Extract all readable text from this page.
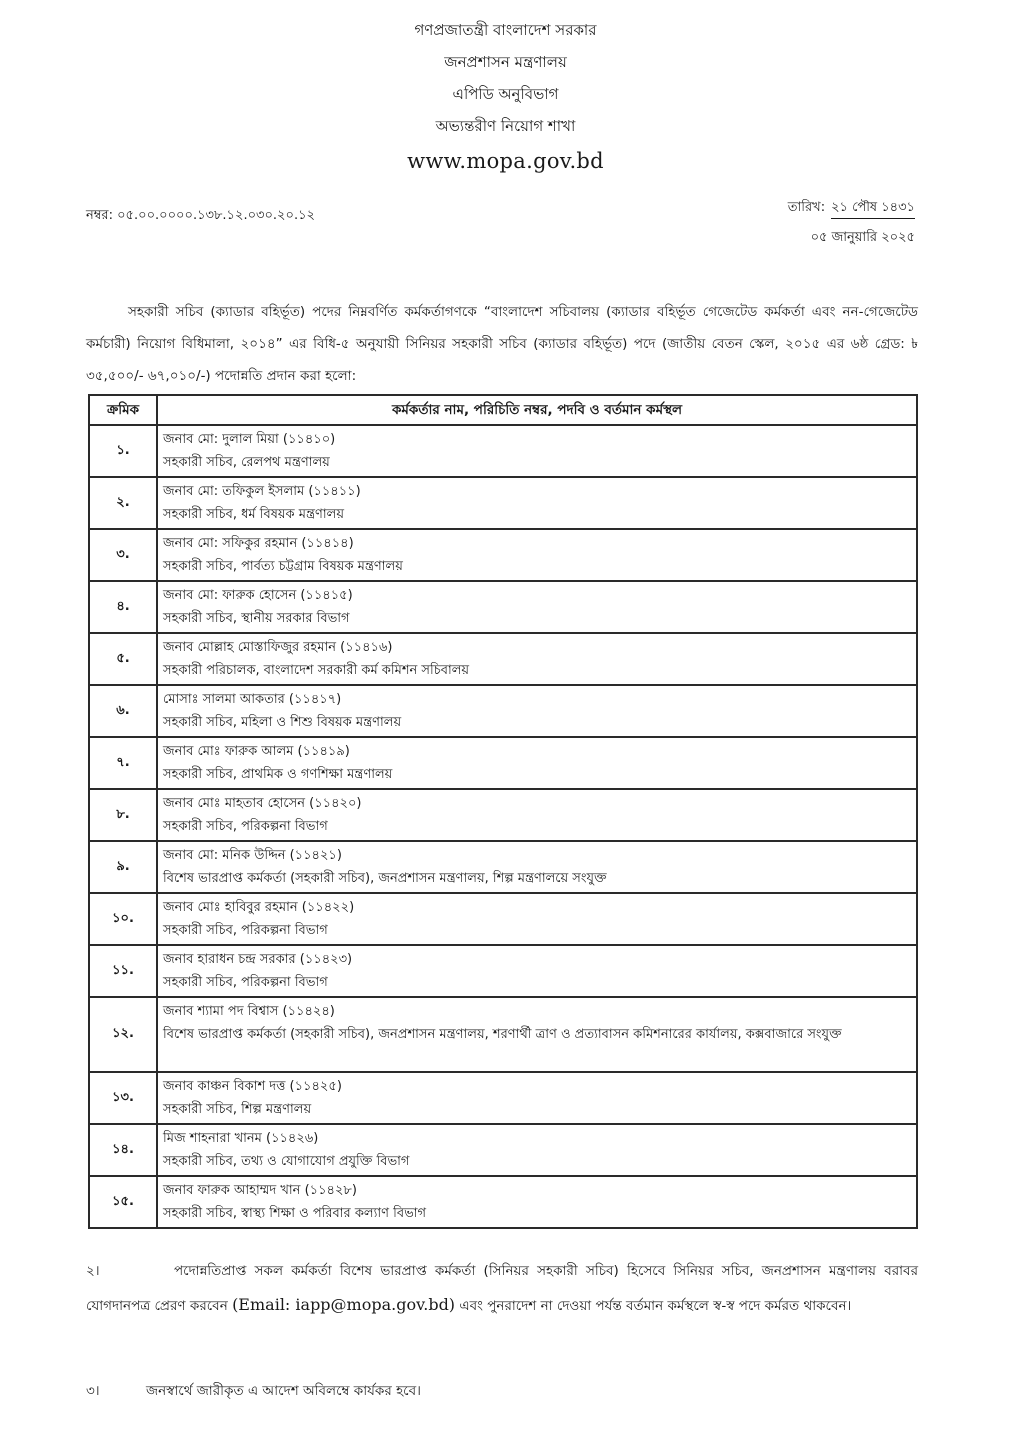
গণপ্রজাতন্ত্রী বাংলাদেশ সরকার
জনপ্রশাসন মন্ত্রণালয়
এপিডি অনুবিভাগ
অভ্যন্তরীণ নিয়োগ শাখা
www.mopa.gov.bd
নম্বর: ০৫.০০.০০০০.১৩৮.১২.০৩০.২০.১২
তারিখ: ২১ পৌষ ১৪৩১
০৫ জানুয়ারি ২০২৫
সহকারী সচিব (ক্যাডার বহির্ভূত) পদের নিম্নবর্ণিত কর্মকর্তাগণকে “বাংলাদেশ সচিবালয় (ক্যাডার বহির্ভূত গেজেটেড কর্মকর্তা এবং নন-গেজেটেড কর্মচারী) নিয়োগ বিধিমালা, ২০১৪” এর বিধি-৫ অনুযায়ী সিনিয়র সহকারী সচিব (ক্যাডার বহির্ভূত) পদে (জাতীয় বেতন স্কেল, ২০১৫ এর ৬ষ্ঠ গ্রেড: ৳ ৩৫,৫০০/- ৬৭,০১০/-) পদোন্নতি প্রদান করা হলো:
ক্রমিক	কর্মকর্তার নাম, পরিচিতি নম্বর, পদবি ও বর্তমান কর্মস্থল
১.	জনাব মো: দুলাল মিয়া (১১৪১০)
সহকারী সচিব, রেলপথ মন্ত্রণালয়

২.	জনাব মো: তফিকুল ইসলাম (১১৪১১)
সহকারী সচিব, ধর্ম বিষয়ক মন্ত্রণালয়

৩.	জনাব মো: সফিকুর রহমান (১১৪১৪)
সহকারী সচিব, পার্বত্য চট্টগ্রাম বিষয়ক মন্ত্রণালয়

৪.	জনাব মো: ফারুক হোসেন (১১৪১৫)
সহকারী সচিব, স্থানীয় সরকার বিভাগ

৫.	জনাব মোল্লাহ মোস্তাফিজুর রহমান (১১৪১৬)
সহকারী পরিচালক, বাংলাদেশ সরকারী কর্ম কমিশন সচিবালয়

৬.	মোসাঃ সালমা আকতার (১১৪১৭)
সহকারী সচিব, মহিলা ও শিশু বিষয়ক মন্ত্রণালয়

৭.	জনাব মোঃ ফারুক আলম (১১৪১৯)
সহকারী সচিব, প্রাথমিক ও গণশিক্ষা মন্ত্রণালয়

৮.	জনাব মোঃ মাহতাব হোসেন (১১৪২০)
সহকারী সচিব, পরিকল্পনা বিভাগ

৯.	জনাব মো: মনিক উদ্দিন (১১৪২১)
বিশেষ ভারপ্রাপ্ত কর্মকর্তা (সহকারী সচিব), জনপ্রশাসন মন্ত্রণালয়, শিল্প মন্ত্রণালয়ে সংযুক্ত

১০.	জনাব মোঃ হাবিবুর রহমান (১১৪২২)
সহকারী সচিব, পরিকল্পনা বিভাগ

১১.	জনাব হারাধন চন্দ্র সরকার (১১৪২৩)
সহকারী সচিব, পরিকল্পনা বিভাগ

১২.	জনাব শ্যামা পদ বিশ্বাস (১১৪২৪)
বিশেষ ভারপ্রাপ্ত কর্মকর্তা (সহকারী সচিব), জনপ্রশাসন মন্ত্রণালয়, শরণার্থী ত্রাণ ও প্রত্যাবাসন কমিশনারের কার্যালয়, কক্সবাজারে সংযুক্ত

১৩.	জনাব কাঞ্চন বিকাশ দত্ত (১১৪২৫)
সহকারী সচিব, শিল্প মন্ত্রণালয়

১৪.	মিজ শাহনারা খানম (১১৪২৬)
সহকারী সচিব, তথ্য ও যোগাযোগ প্রযুক্তি বিভাগ

১৫.	জনাব ফারুক আহাম্মদ খান (১১৪২৮)
সহকারী সচিব, স্বাস্থ্য শিক্ষা ও পরিবার কল্যাণ বিভাগ
২।	পদোন্নতিপ্রাপ্ত সকল কর্মকর্তা বিশেষ ভারপ্রাপ্ত কর্মকর্তা (সিনিয়র সহকারী সচিব) হিসেবে সিনিয়র সচিব, জনপ্রশাসন মন্ত্রণালয় বরাবর যোগদানপত্র প্রেরণ করবেন (Email: iapp@mopa.gov.bd) এবং পুনরাদেশ না দেওয়া পর্যন্ত বর্তমান কর্মস্থলে স্ব-স্ব পদে কর্মরত থাকবেন।
৩।	জনস্বার্থে জারীকৃত এ আদেশ অবিলম্বে কার্যকর হবে।
